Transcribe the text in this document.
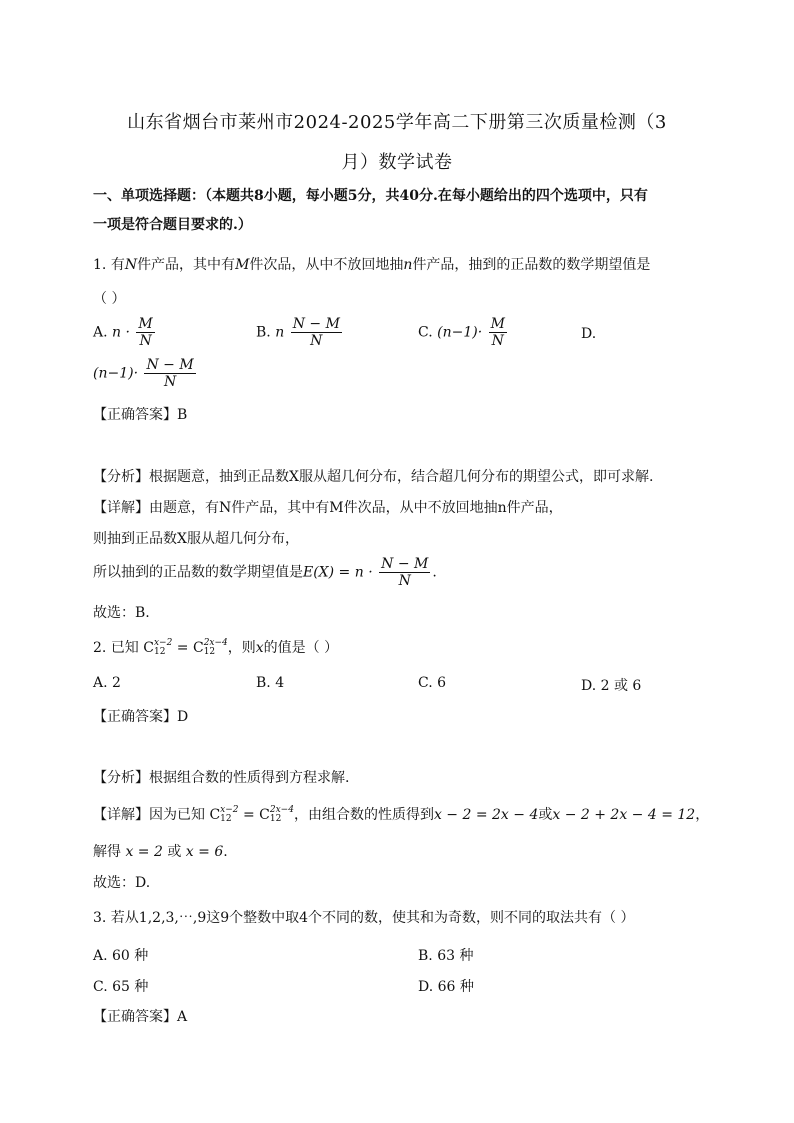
山东省烟台市莱州市2024-2025学年高二下册第三次质量检测（3
月）数学试卷
一、单项选择题：（本题共8小题，每小题5分，共40分.在每小题给出的四个选项中，只有
一项是符合题目要求的.）
1. 有N件产品，其中有M件次品，从中不放回地抽n件产品，抽到的正品数的数学期望值是
（ ）
A. $n \cdot \frac{M}{N}$	B. n $\frac{N - M}{N}$	C. $(n-1)\cdot \frac{M}{N}$	D.
$(n-1)\cdot \frac{N - M}{N}$
【正确答案】B
【分析】根据题意，抽到正品数X服从超几何分布，结合超几何分布的期望公式，即可求解.
【详解】由题意，有N件产品，其中有M件次品，从中不放回地抽n件产品，
则抽到正品数X服从超几何分布，
所以抽到的正品数的数学期望值是$E(X) = n \cdot \frac{N - M}{N}$ .
故选：B.
2. 已知 C x−2
12 = C 2x−4
12 ，则x的值是（ ）
A. 2	B. 4	C. 6	D. 2 或 6
【正确答案】D
【分析】根据组合数的性质得到方程求解.
【详解】因为已知 C x−2
12 = C 2x−4
12 ，由组合数的性质得到x − 2 = 2x − 4或x − 2 + 2x − 4 = 12，
解得 x = 2 或 x = 6.
故选：D.
3. 若从1,2,3,⋯,9这9个整数中取4个不同的数，使其和为奇数，则不同的取法共有（ ）
A. 60 种	B. 63 种
C. 65 种	D. 66 种
【正确答案】A
